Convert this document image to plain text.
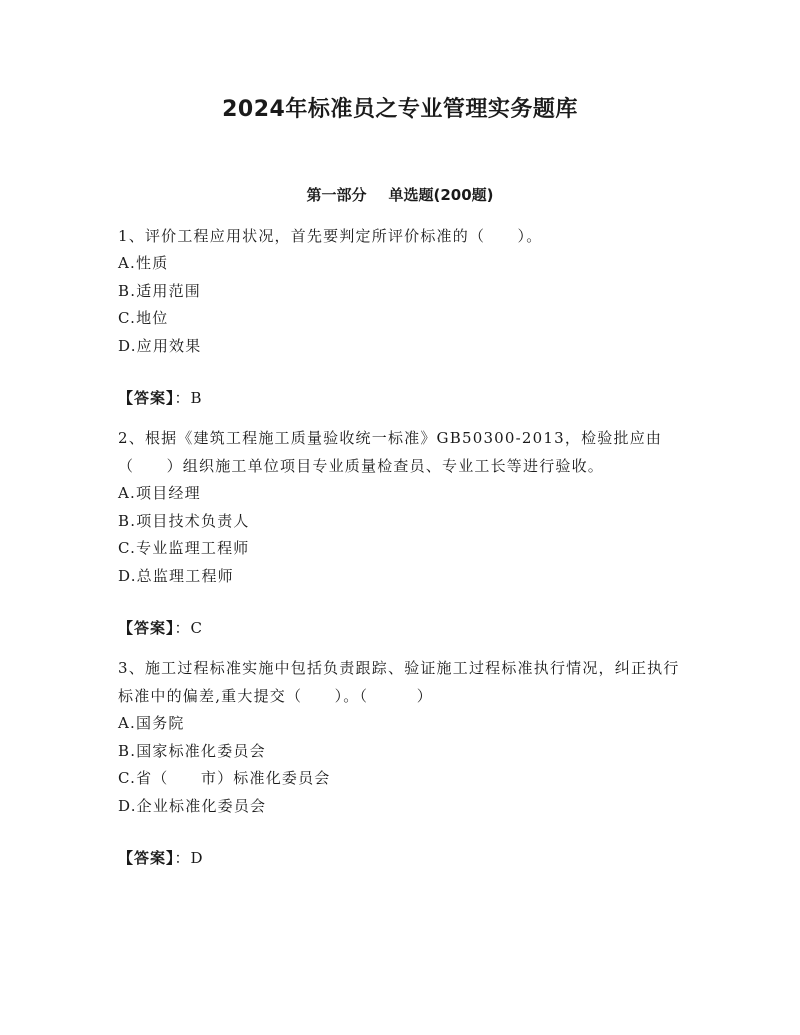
2024年标准员之专业管理实务题库
第一部分 单选题(200题)

1、评价工程应用状况，首先要判定所评价标准的（　　）。

A.性质

B.适用范围

C.地位

D.应用效果

【答案】：B

2、根据《建筑工程施工质量验收统一标准》GB50300-2013，检验批应由（　　）组织施工单位项目专业质量检查员、专业工长等进行验收。

A.项目经理

B.项目技术负责人

C.专业监理工程师

D.总监理工程师

【答案】：C

3、施工过程标准实施中包括负责跟踪、验证施工过程标准执行情况，纠正执行标准中的偏差,重大提交（　　）。（　　　）

A.国务院

B.国家标准化委员会

C.省（　　市）标准化委员会

D.企业标准化委员会

【答案】：D
